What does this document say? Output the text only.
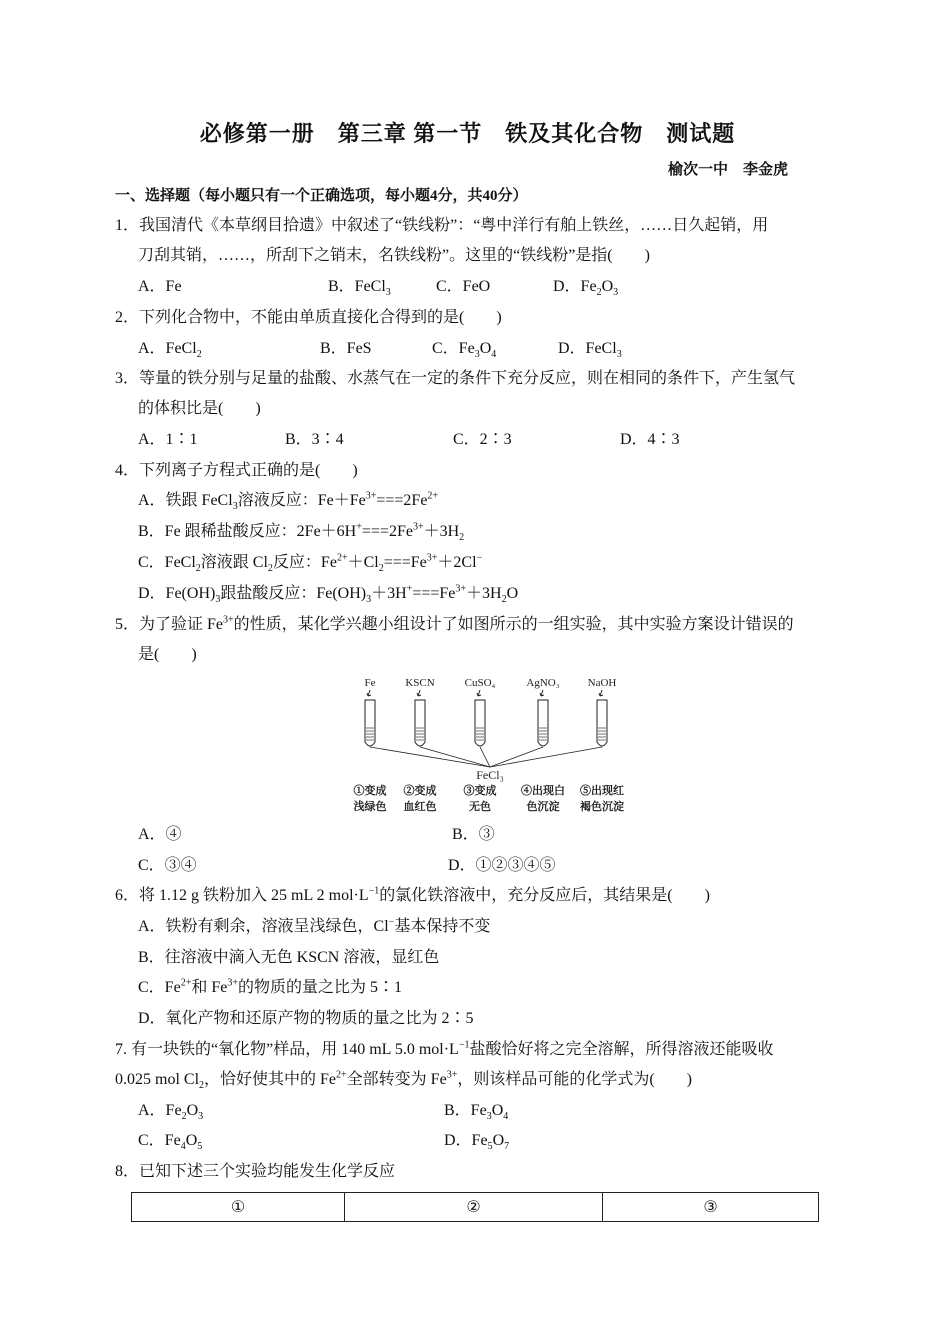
必修第一册　第三章 第一节　铁及其化合物　测试题
榆次一中　李金虎
一、选择题（每小题只有一个正确选项，每小题4分，共40分）
1．我国清代《本草纲目拾遗》中叙述了“铁线粉”：“粤中洋行有舶上铁丝，……日久起销，用
刀刮其销，……，所刮下之销末，名铁线粉”。这里的“铁线粉”是指(　　)
A．Fe	B．FeCl$_3$	C．FeO	D．$Fe_2O_3$
2．下列化合物中，不能由单质直接化合得到的是(　　)
A．FeCl$_2$	B．FeS	C．$Fe_3O_4$	D．FeCl$_3$
3．等量的铁分别与足量的盐酸、水蒸气在一定的条件下充分反应，则在相同的条件下，产生氢气
的体积比是(　　)
A．1∶1	B．3∶4	C．2∶3	D．4∶3
4．下列离子方程式正确的是(　　)
A．铁跟 FeCl$_3$溶液反应：$Fe+Fe^{3+}===2Fe^{2+}$
B．Fe 跟稀盐酸反应：$2Fe+6H^+===2Fe^{3+}+3H_2$
C．FeCl$_2$溶液跟 $Cl_2$反应：$Fe^{2+}+Cl_2===Fe^{3+}+2Cl^-$
D．$Fe(OH)_3$跟盐酸反应：$Fe(OH)_3+3H^+===Fe^{3+}+3H_2O$
5．为了验证 $Fe^{3+}$的性质，某化学兴趣小组设计了如图所示的一组实验，其中实验方案设计错误的
是(　　)
Fe
①变成
浅绿色
KSCN
②变成
血红色
CuSO₄
③变成
无色
AgNO₃
④出现白
色沉淀
NaOH
⑤出现红
褐色沉淀
FeCl₃
A．④	B．③
C．③④	D．①②③④⑤
6．将 1.12 g 铁粉加入 25 mL 2 $mol\cdot L^{-1}$的氯化铁溶液中，充分反应后，其结果是(　　)
A．铁粉有剩余，溶液呈浅绿色，Cl−基本保持不变
B．往溶液中滴入无色 KSCN 溶液，显红色
C．$Fe^{2+}$和 $Fe^{3+}$的物质的量之比为 5∶1
D．氧化产物和还原产物的物质的量之比为 2∶5
7. 有一块铁的“氧化物”样品，用 140 mL 5.0 $mol\cdot L^{-1}$盐酸恰好将之完全溶解，所得溶液还能吸收
0.025 mol $Cl_2$，恰好使其中的 $Fe^{2+}$全部转变为 $Fe^{3+}$，则该样品可能的化学式为(　　)
A．$Fe_2O_3$	B．$Fe_3O_4$
C．$Fe_4O_5$	D．$Fe_5O_7$
8．已知下述三个实验均能发生化学反应
①	②	③
